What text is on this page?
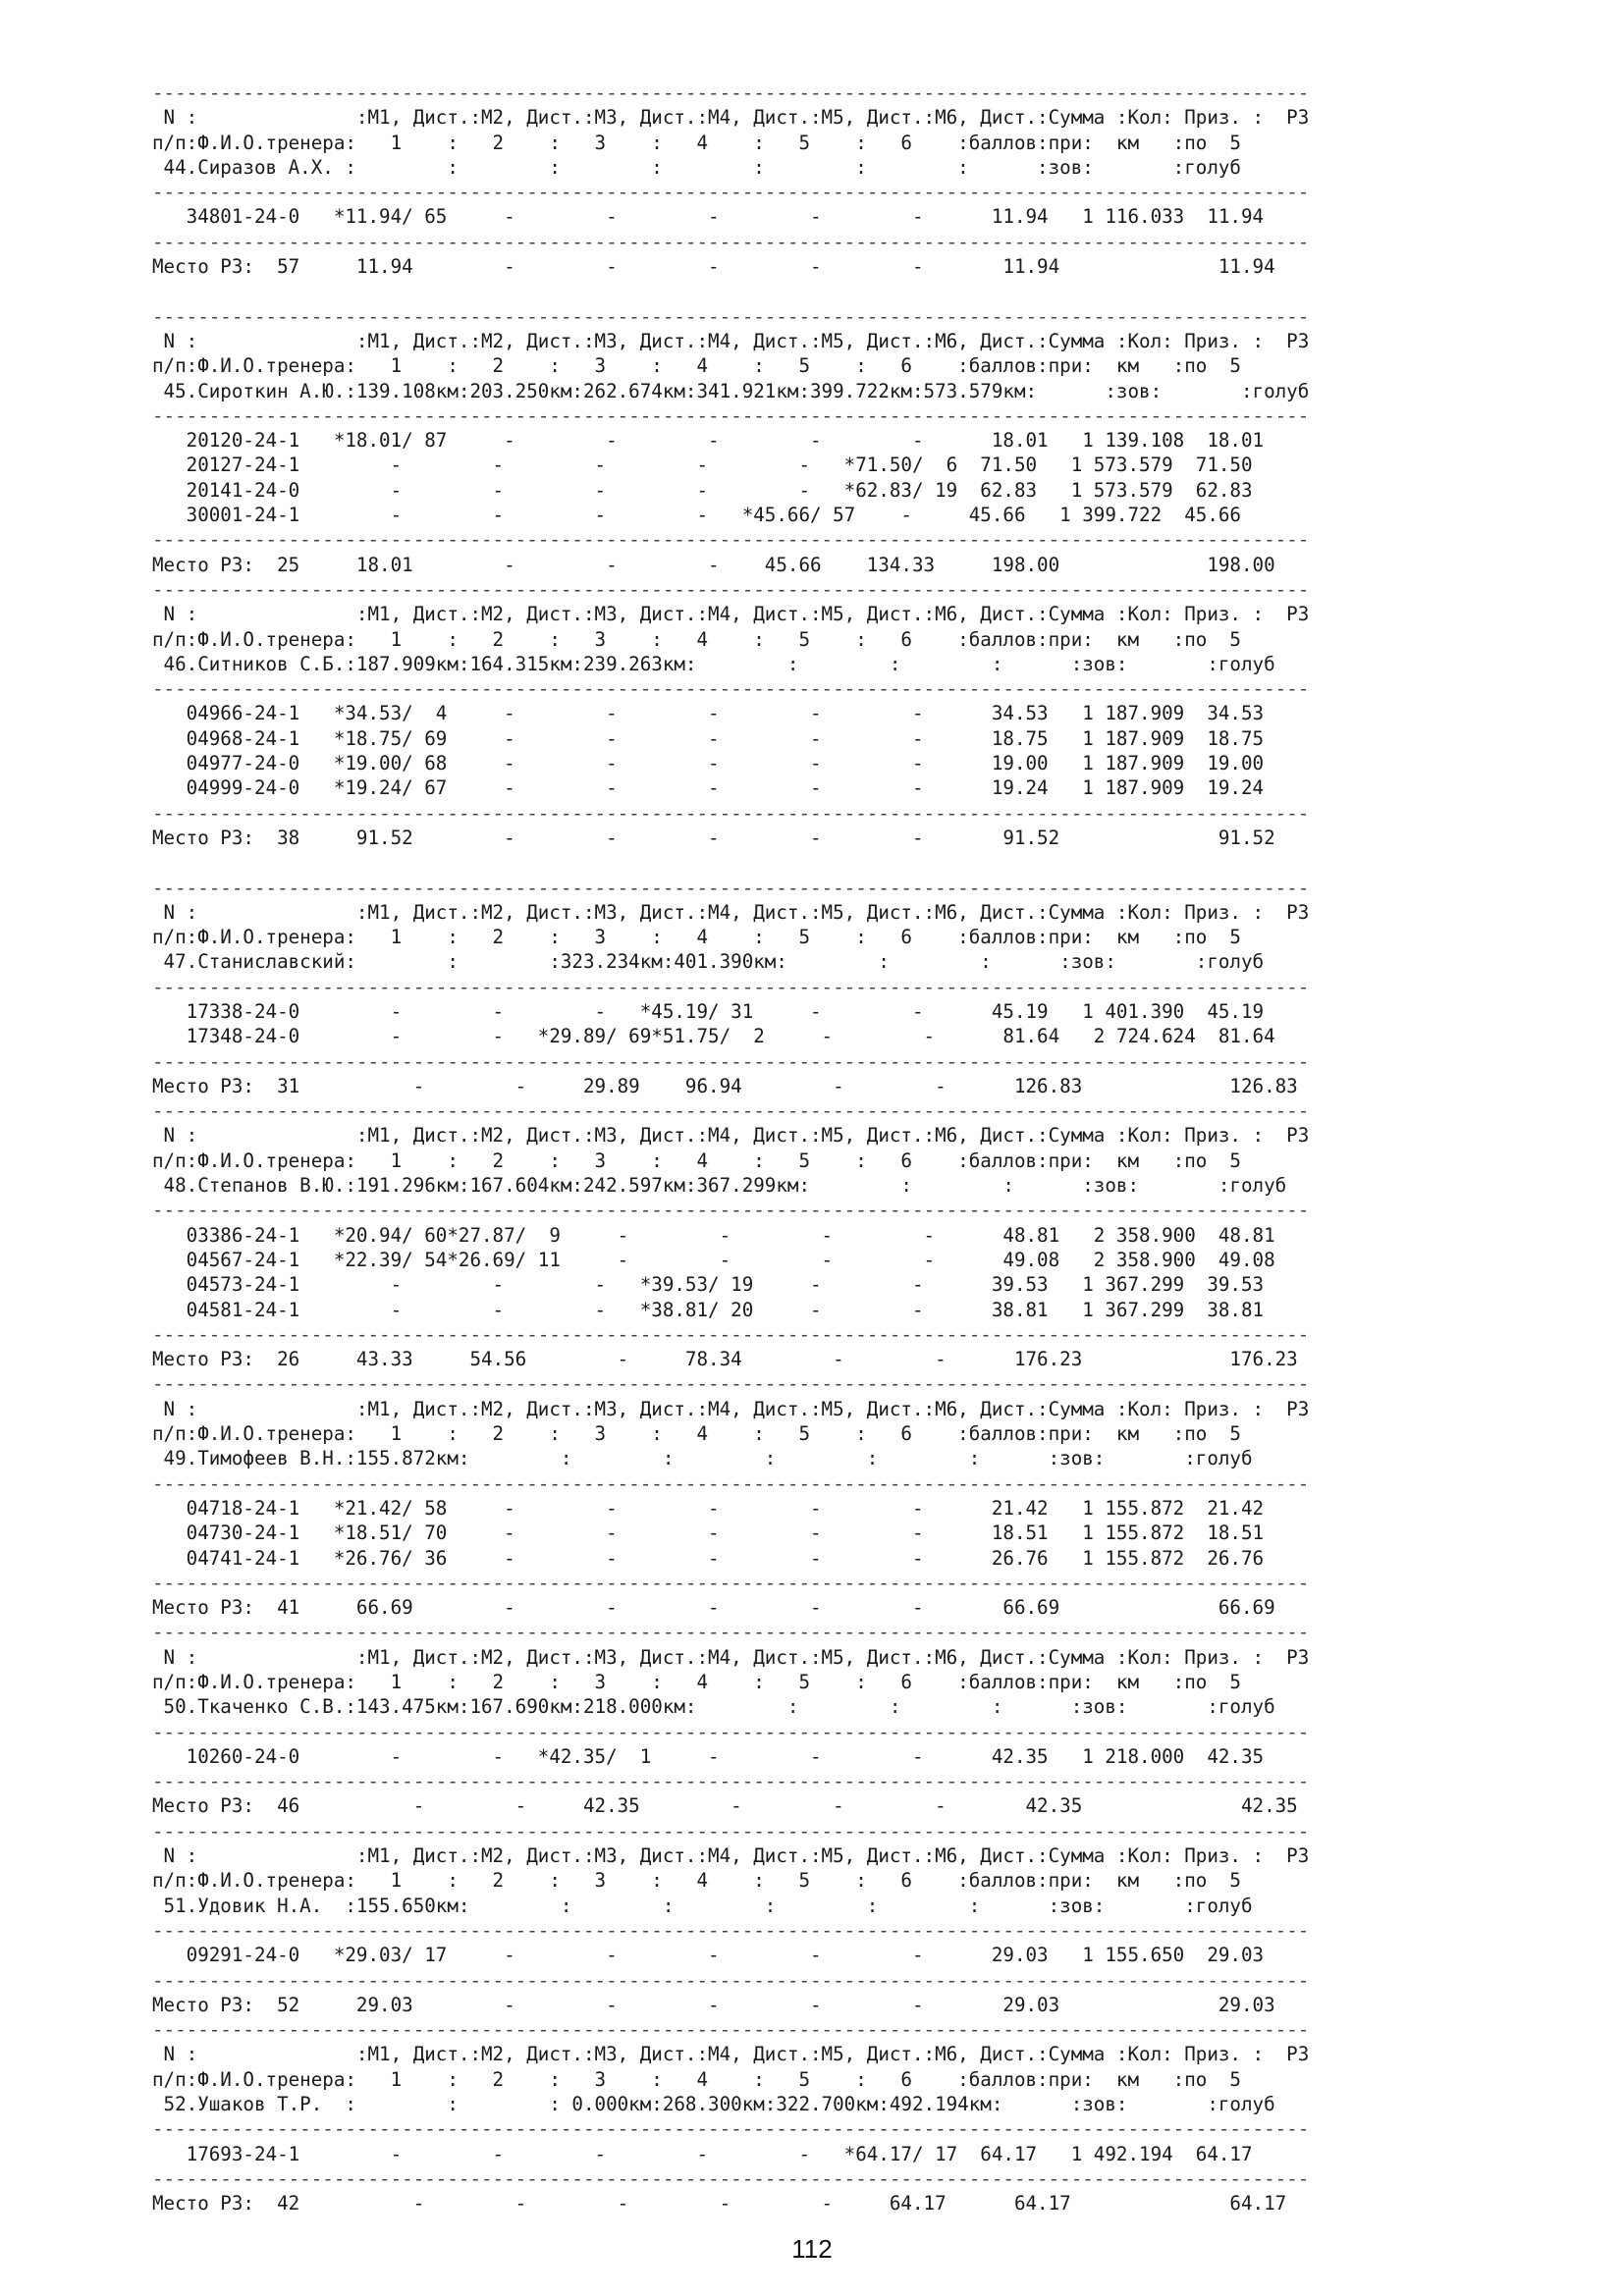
------------------------------------------------------------------------------------------------------
N :              :M1, Дист.:M2, Дист.:M3, Дист.:M4, Дист.:M5, Дист.:M6, Дист.:Сумма :Кол: Приз. :  РЗ
п/п:Ф.И.О.тренера:   1    :   2    :   3    :   4    :   5    :   6    :баллов:при:  км   :по  5
44.Сиразов А.Х. :        :        :        :        :        :        :      :зов:       :голуб
------------------------------------------------------------------------------------------------------
34801-24-0   *11.94/ 65     -        -        -        -        -      11.94   1 116.033  11.94
------------------------------------------------------------------------------------------------------
Место РЗ:  57     11.94        -        -        -        -        -       11.94              11.94
------------------------------------------------------------------------------------------------------
N :              :M1, Дист.:M2, Дист.:M3, Дист.:M4, Дист.:M5, Дист.:M6, Дист.:Сумма :Кол: Приз. :  РЗ
п/п:Ф.И.О.тренера:   1    :   2    :   3    :   4    :   5    :   6    :баллов:при:  км   :по  5
45.Сироткин А.Ю.:139.108км:203.250км:262.674км:341.921км:399.722км:573.579км:      :зов:       :голуб
------------------------------------------------------------------------------------------------------
20120-24-1   *18.01/ 87     -        -        -        -        -      18.01   1 139.108  18.01
20127-24-1        -        -        -        -        -   *71.50/  6  71.50   1 573.579  71.50
20141-24-0        -        -        -        -        -   *62.83/ 19  62.83   1 573.579  62.83
30001-24-1        -        -        -        -   *45.66/ 57    -     45.66   1 399.722  45.66
------------------------------------------------------------------------------------------------------
Место РЗ:  25     18.01        -        -        -    45.66    134.33     198.00             198.00
------------------------------------------------------------------------------------------------------
N :              :M1, Дист.:M2, Дист.:M3, Дист.:M4, Дист.:M5, Дист.:M6, Дист.:Сумма :Кол: Приз. :  РЗ
п/п:Ф.И.О.тренера:   1    :   2    :   3    :   4    :   5    :   6    :баллов:при:  км   :по  5
46.Ситников С.Б.:187.909км:164.315км:239.263км:        :        :        :      :зов:       :голуб
------------------------------------------------------------------------------------------------------
04966-24-1   *34.53/  4     -        -        -        -        -      34.53   1 187.909  34.53
04968-24-1   *18.75/ 69     -        -        -        -        -      18.75   1 187.909  18.75
04977-24-0   *19.00/ 68     -        -        -        -        -      19.00   1 187.909  19.00
04999-24-0   *19.24/ 67     -        -        -        -        -      19.24   1 187.909  19.24
------------------------------------------------------------------------------------------------------
Место РЗ:  38     91.52        -        -        -        -        -       91.52              91.52
------------------------------------------------------------------------------------------------------
N :              :M1, Дист.:M2, Дист.:M3, Дист.:M4, Дист.:M5, Дист.:M6, Дист.:Сумма :Кол: Приз. :  РЗ
п/п:Ф.И.О.тренера:   1    :   2    :   3    :   4    :   5    :   6    :баллов:при:  км   :по  5
47.Станиславский:        :        :323.234км:401.390км:        :        :      :зов:       :голуб
------------------------------------------------------------------------------------------------------
17338-24-0        -        -        -   *45.19/ 31     -        -      45.19   1 401.390  45.19
17348-24-0        -        -   *29.89/ 69*51.75/  2     -        -      81.64   2 724.624  81.64
------------------------------------------------------------------------------------------------------
Место РЗ:  31          -        -     29.89    96.94        -        -      126.83             126.83
------------------------------------------------------------------------------------------------------
N :              :M1, Дист.:M2, Дист.:M3, Дист.:M4, Дист.:M5, Дист.:M6, Дист.:Сумма :Кол: Приз. :  РЗ
п/п:Ф.И.О.тренера:   1    :   2    :   3    :   4    :   5    :   6    :баллов:при:  км   :по  5
48.Степанов В.Ю.:191.296км:167.604км:242.597км:367.299км:        :        :      :зов:       :голуб
------------------------------------------------------------------------------------------------------
03386-24-1   *20.94/ 60*27.87/  9     -        -        -        -      48.81   2 358.900  48.81
04567-24-1   *22.39/ 54*26.69/ 11     -        -        -        -      49.08   2 358.900  49.08
04573-24-1        -        -        -   *39.53/ 19     -        -      39.53   1 367.299  39.53
04581-24-1        -        -        -   *38.81/ 20     -        -      38.81   1 367.299  38.81
------------------------------------------------------------------------------------------------------
Место РЗ:  26     43.33     54.56        -     78.34        -        -      176.23             176.23
------------------------------------------------------------------------------------------------------
N :              :M1, Дист.:M2, Дист.:M3, Дист.:M4, Дист.:M5, Дист.:M6, Дист.:Сумма :Кол: Приз. :  РЗ
п/п:Ф.И.О.тренера:   1    :   2    :   3    :   4    :   5    :   6    :баллов:при:  км   :по  5
49.Тимофеев В.Н.:155.872км:        :        :        :        :        :      :зов:       :голуб
------------------------------------------------------------------------------------------------------
04718-24-1   *21.42/ 58     -        -        -        -        -      21.42   1 155.872  21.42
04730-24-1   *18.51/ 70     -        -        -        -        -      18.51   1 155.872  18.51
04741-24-1   *26.76/ 36     -        -        -        -        -      26.76   1 155.872  26.76
------------------------------------------------------------------------------------------------------
Место РЗ:  41     66.69        -        -        -        -        -       66.69              66.69
------------------------------------------------------------------------------------------------------
N :              :M1, Дист.:M2, Дист.:M3, Дист.:M4, Дист.:M5, Дист.:M6, Дист.:Сумма :Кол: Приз. :  РЗ
п/п:Ф.И.О.тренера:   1    :   2    :   3    :   4    :   5    :   6    :баллов:при:  км   :по  5
50.Ткаченко С.В.:143.475км:167.690км:218.000км:        :        :        :      :зов:       :голуб
------------------------------------------------------------------------------------------------------
10260-24-0        -        -   *42.35/  1     -        -        -      42.35   1 218.000  42.35
------------------------------------------------------------------------------------------------------
Место РЗ:  46          -        -     42.35        -        -        -       42.35              42.35
------------------------------------------------------------------------------------------------------
N :              :M1, Дист.:M2, Дист.:M3, Дист.:M4, Дист.:M5, Дист.:M6, Дист.:Сумма :Кол: Приз. :  РЗ
п/п:Ф.И.О.тренера:   1    :   2    :   3    :   4    :   5    :   6    :баллов:при:  км   :по  5
51.Удовик Н.А.  :155.650км:        :        :        :        :        :      :зов:       :голуб
------------------------------------------------------------------------------------------------------
09291-24-0   *29.03/ 17     -        -        -        -        -      29.03   1 155.650  29.03
------------------------------------------------------------------------------------------------------
Место РЗ:  52     29.03        -        -        -        -        -       29.03              29.03
------------------------------------------------------------------------------------------------------
N :              :M1, Дист.:M2, Дист.:M3, Дист.:M4, Дист.:M5, Дист.:M6, Дист.:Сумма :Кол: Приз. :  РЗ
п/п:Ф.И.О.тренера:   1    :   2    :   3    :   4    :   5    :   6    :баллов:при:  км   :по  5
52.Ушаков Т.Р.  :        :        : 0.000км:268.300км:322.700км:492.194км:      :зов:       :голуб
------------------------------------------------------------------------------------------------------
17693-24-1        -        -        -        -        -   *64.17/ 17  64.17   1 492.194  64.17
------------------------------------------------------------------------------------------------------
Место РЗ:  42          -        -        -        -        -     64.17      64.17              64.17
112
